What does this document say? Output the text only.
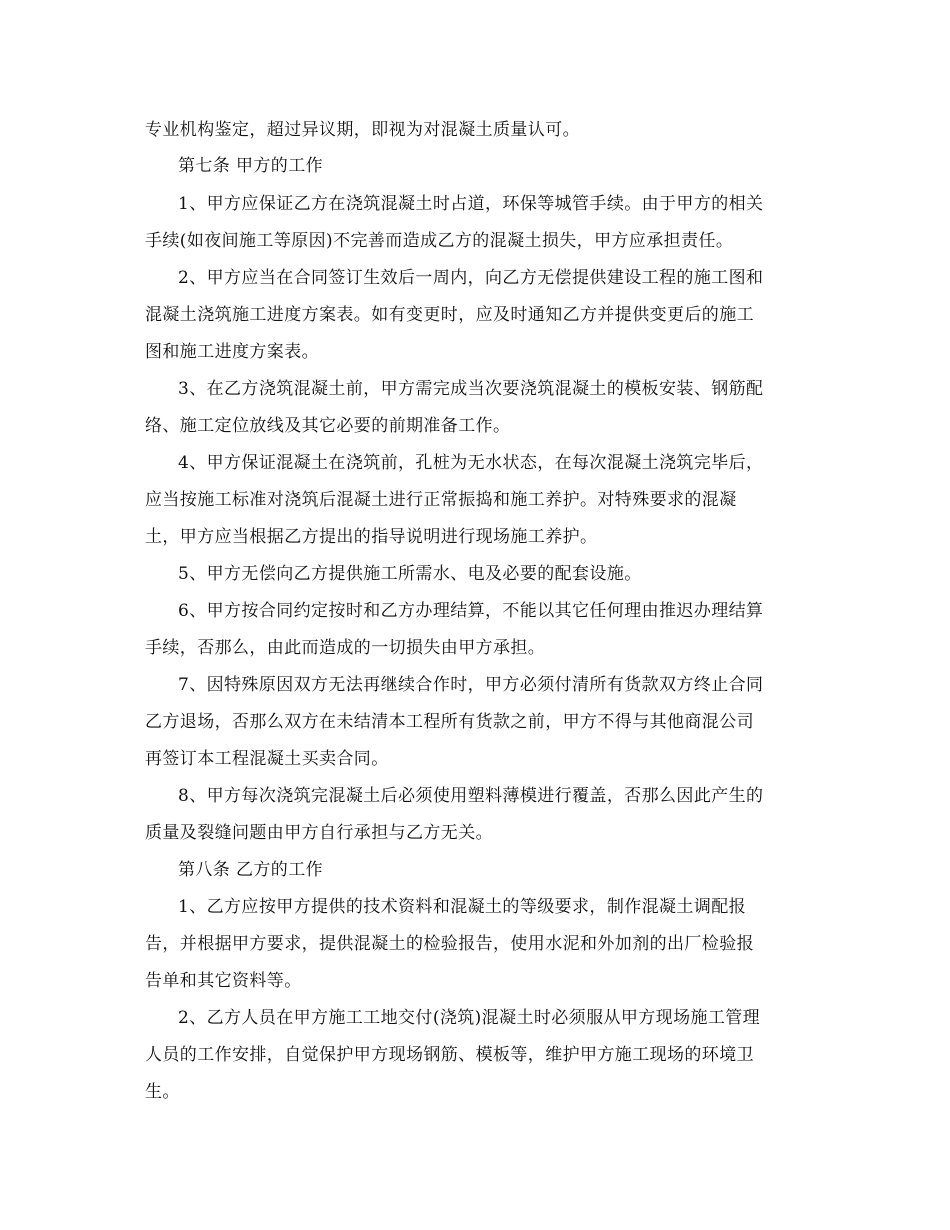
专业机构鉴定，超过异议期，即视为对混凝土质量认可。
第七条 甲方的工作
1、甲方应保证乙方在浇筑混凝土时占道，环保等城管手续。由于甲方的相关
手续(如夜间施工等原因)不完善而造成乙方的混凝土损失，甲方应承担责任。
2、甲方应当在合同签订生效后一周内，向乙方无偿提供建设工程的施工图和
混凝土浇筑施工进度方案表。如有变更时，应及时通知乙方并提供变更后的施工
图和施工进度方案表。
3、在乙方浇筑混凝土前，甲方需完成当次要浇筑混凝土的模板安装、钢筋配
络、施工定位放线及其它必要的前期准备工作。
4、甲方保证混凝土在浇筑前，孔桩为无水状态，在每次混凝土浇筑完毕后，
应当按施工标准对浇筑后混凝土进行正常振捣和施工养护。对特殊要求的混凝
土，甲方应当根据乙方提出的指导说明进行现场施工养护。
5、甲方无偿向乙方提供施工所需水、电及必要的配套设施。
6、甲方按合同约定按时和乙方办理结算，不能以其它任何理由推迟办理结算
手续，否那么，由此而造成的一切损失由甲方承担。
7、因特殊原因双方无法再继续合作时，甲方必须付清所有货款双方终止合同
乙方退场，否那么双方在未结清本工程所有货款之前，甲方不得与其他商混公司
再签订本工程混凝土买卖合同。
8、甲方每次浇筑完混凝土后必须使用塑料薄模进行覆盖，否那么因此产生的
质量及裂缝问题由甲方自行承担与乙方无关。
第八条 乙方的工作
1、乙方应按甲方提供的技术资料和混凝土的等级要求，制作混凝土调配报
告，并根据甲方要求，提供混凝土的检验报告，使用水泥和外加剂的出厂检验报
告单和其它资料等。
2、乙方人员在甲方施工工地交付(浇筑)混凝土时必须服从甲方现场施工管理
人员的工作安排，自觉保护甲方现场钢筋、模板等，维护甲方施工现场的环境卫
生。
